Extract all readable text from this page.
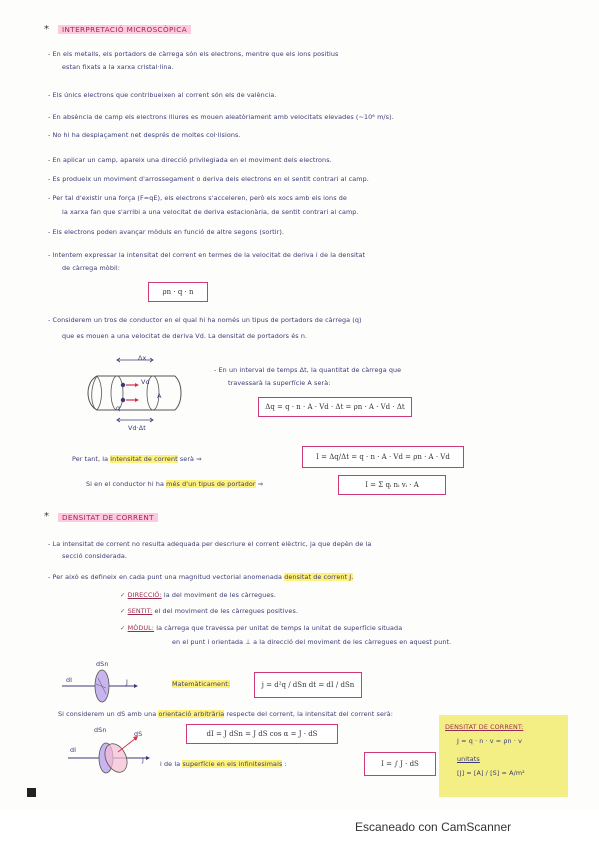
*	INTERPRETACIÓ MICROSCÒPICA
- En els metalls, els portadors de càrrega són els electrons, mentre que els ions positius
estan fixats a la xarxa cristal·lina.
- Els únics electrons que contribueixen al corrent són els de valència.
- En absència de camp els electrons lliures es mouen aleatòriament amb velocitats elevades (~10⁶ m/s).
- No hi ha desplaçament net després de moltes col·lisions.
- En aplicar un camp, apareix una direcció privilegiada en el moviment dels electrons.
- Es produeix un moviment d'arrossegament o deriva dels electrons en el sentit contrari al camp.
- Per tal d'existir una força (F=qE), els electrons s'acceleren, però els xocs amb els ions de
la xarxa fan que s'arribi a una velocitat de deriva estacionària, de sentit contrari al camp.
- Els electrons poden avançar mòduls en funció de altre segons (sortir).
- Intentem expressar la intensitat del corrent en termes de la velocitat de deriva i de la densitat
de càrrega mòbil:
ρn · q · n
- Considerem un tros de conductor en el qual hi ha només un tipus de portadors de càrrega (q)
que es mouen a una velocitat de deriva Vd. La densitat de portadors és n.
Δx
Vd
A
q
Vd·Δt
- En un interval de temps Δt, la quantitat de càrrega que
travessarà la superfície A serà:
Δq = q · n · A · Vd · Δt = ρn · A · Vd · Δt
Per tant, la intensitat de corrent serà ⇒	I = Δq/Δt = q · n · A · Vd = ρn · A · Vd
Si en el conductor hi ha més d'un tipus de portador ⇒	I = Σ qᵢ nᵢ vᵢ · A
*	DENSITAT DE CORRENT
- La intensitat de corrent no resulta adequada per descriure el corrent elèctric, ja que depèn de la
secció considerada.
- Per això es defineix en cada punt una magnitud vectorial anomenada densitat de corrent J.
✓ DIRECCIÓ: la del moviment de les càrregues.
✓ SENTIT: el del moviment de les càrregues positives.
✓ MÒDUL: la càrrega que travessa per unitat de temps la unitat de superfície situada
en el punt i orientada ⊥ a la direcció del moviment de les càrregues en aquest punt.
dSn
dI	J	Matemàticament:	j = d²q / dSn dt = dI / dSn
Si considerem un dS amb una orientació arbitrària respecte del corrent, la intensitat del corrent serà:
dSn	dS
dI
J
dI = J dSn = J dS cos α = J · dS
i de la superfície en els infinitesimals :	I = ∫ J · dS
DENSITAT DE CORRENT:
J = q · n · v = ρn · v
unitats
[J] = [A] / [S] = A/m²
Escaneado con CamScanner
